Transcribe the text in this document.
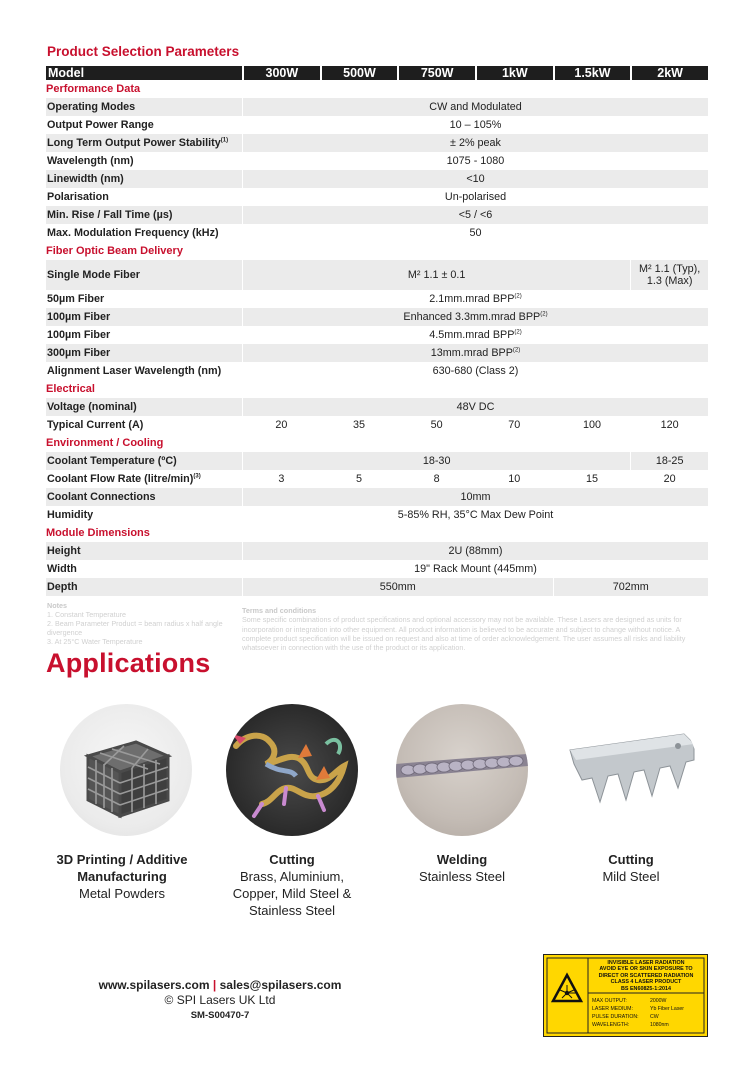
Product Selection Parameters
Model	300W	500W	750W	1kW	1.5kW	2kW
Performance Data						
Operating Modes	CW and Modulated					
Output Power Range	10 – 105%					
Long Term Output Power Stability$^{(1)}$	± 2% peak					
Wavelength (nm)	1075 - 1080					
Linewidth (nm)	<10					
Polarisation	Un-polarised					
Min. Rise / Fall Time (µs)	<5 / <6					
Max. Modulation Frequency (kHz)	50					
Fiber Optic Beam Delivery						
Single Mode Fiber	M² 1.1 ± 0.1					M² 1.1 (Typ),
1.3 (Max)
50µm Fiber	2.1mm.mrad BPP$^{(2)}$
100µm Fiber	Enhanced 3.3mm.mrad BPP$^{(2)}$
100µm Fiber	4.5mm.mrad BPP$^{(2)}$
300µm Fiber	13mm.mrad BPP$^{(2)}$
Alignment Laser Wavelength (nm)	630-680 (Class 2)					
Electrical						
Voltage (nominal)	48V DC					
Typical Current (A)	20	35	50	70	100	120
Environment / Cooling						
Coolant Temperature (ºC)	18-30					18-25
Coolant Flow Rate (litre/min)$^{(3)}$	3	5	8	10	15	20
Coolant Connections	10mm					
Humidity	5-85% RH, 35°C Max Dew Point					
Module Dimensions						
Height	2U (88mm)					
Width	19" Rack Mount (445mm)					
Depth	550mm				702mm	
Notes
1. Constant Temperature
2. Beam Parameter Product = beam radius x half angle divergence
3. At 25°C Water Temperature
Terms and conditions
Some specific combinations of product specifications and optional accessory may not be available. These Lasers are designed as units for incorporation or integration into other equipment. All product information is believed to be accurate and subject to change without notice. A complete product specification will be issued on request and also at time of order acknowledgement. The user assumes all risks and liability whatsoever in connection with the use of the product or its application.
Applications
3D Printing / Additive Manufacturing
Metal Powders
Cutting
Brass, Aluminium, Copper, Mild Steel & Stainless Steel
Welding
Stainless Steel
Cutting
Mild Steel
www.spilasers.com | sales@spilasers.com
© SPI Lasers UK Ltd
SM-S00470-7
INVISIBLE LASER RADIATION
AVOID EYE OR SKIN EXPOSURE TO
DIRECT OR SCATTERED RADIATION
CLASS 4 LASER PRODUCT
BS EN60825-1:2014
MAX OUTPUT:	2000W
LASER MEDIUM:	Yb Fiber Laser
PULSE DURATION: CW
WAVELENGTH:	1080nm
